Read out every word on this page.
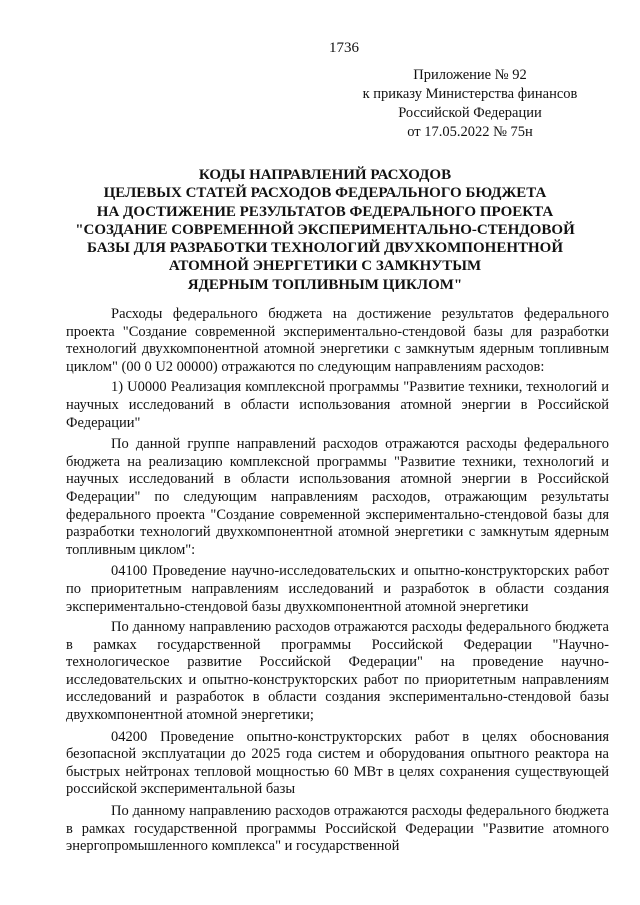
1736
Приложение № 92
к приказу Министерства финансов
Российской Федерации
от 17.05.2022 № 75н
КОДЫ НАПРАВЛЕНИЙ РАСХОДОВ
ЦЕЛЕВЫХ СТАТЕЙ РАСХОДОВ ФЕДЕРАЛЬНОГО БЮДЖЕТА
НА ДОСТИЖЕНИЕ РЕЗУЛЬТАТОВ ФЕДЕРАЛЬНОГО ПРОЕКТА
"СОЗДАНИЕ СОВРЕМЕННОЙ ЭКСПЕРИМЕНТАЛЬНО-СТЕНДОВОЙ
БАЗЫ ДЛЯ РАЗРАБОТКИ ТЕХНОЛОГИЙ ДВУХКОМПОНЕНТНОЙ
АТОМНОЙ ЭНЕРГЕТИКИ С ЗАМКНУТЫМ
ЯДЕРНЫМ ТОПЛИВНЫМ ЦИКЛОМ"

Расходы федерального бюджета на достижение результатов федерального проекта "Создание современной экспериментально-стендовой базы для разработки технологий двухкомпонентной атомной энергетики с замкнутым ядерным топливным циклом" (00 0 U2 00000) отражаются по следующим направлениям расходов:

1) U0000 Реализация комплексной программы "Развитие техники, технологий и научных исследований в области использования атомной энергии в Российской Федерации"

По данной группе направлений расходов отражаются расходы федерального бюджета на реализацию комплексной программы "Развитие техники, технологий и научных исследований в области использования атомной энергии в Российской Федерации" по следующим направлениям расходов, отражающим результаты федерального проекта "Создание современной экспериментально-стендовой базы для разработки технологий двухкомпонентной атомной энергетики с замкнутым ядерным топливным циклом":

04100 Проведение научно-исследовательских и опытно-конструкторских работ по приоритетным направлениям исследований и разработок в области создания экспериментально-стендовой базы двухкомпонентной атомной энергетики

По данному направлению расходов отражаются расходы федерального бюджета в рамках государственной программы Российской Федерации "Научно-технологическое развитие Российской Федерации" на проведение научно-исследовательских и опытно-конструкторских работ по приоритетным направлениям исследований и разработок в области создания экспериментально-стендовой базы двухкомпонентной атомной энергетики;

04200 Проведение опытно-конструкторских работ в целях обоснования безопасной эксплуатации до 2025 года систем и оборудования опытного реактора на быстрых нейтронах тепловой мощностью 60 МВт в целях сохранения существующей российской экспериментальной базы

По данному направлению расходов отражаются расходы федерального бюджета в рамках государственной программы Российской Федерации "Развитие атомного энергопромышленного комплекса" и государственной
